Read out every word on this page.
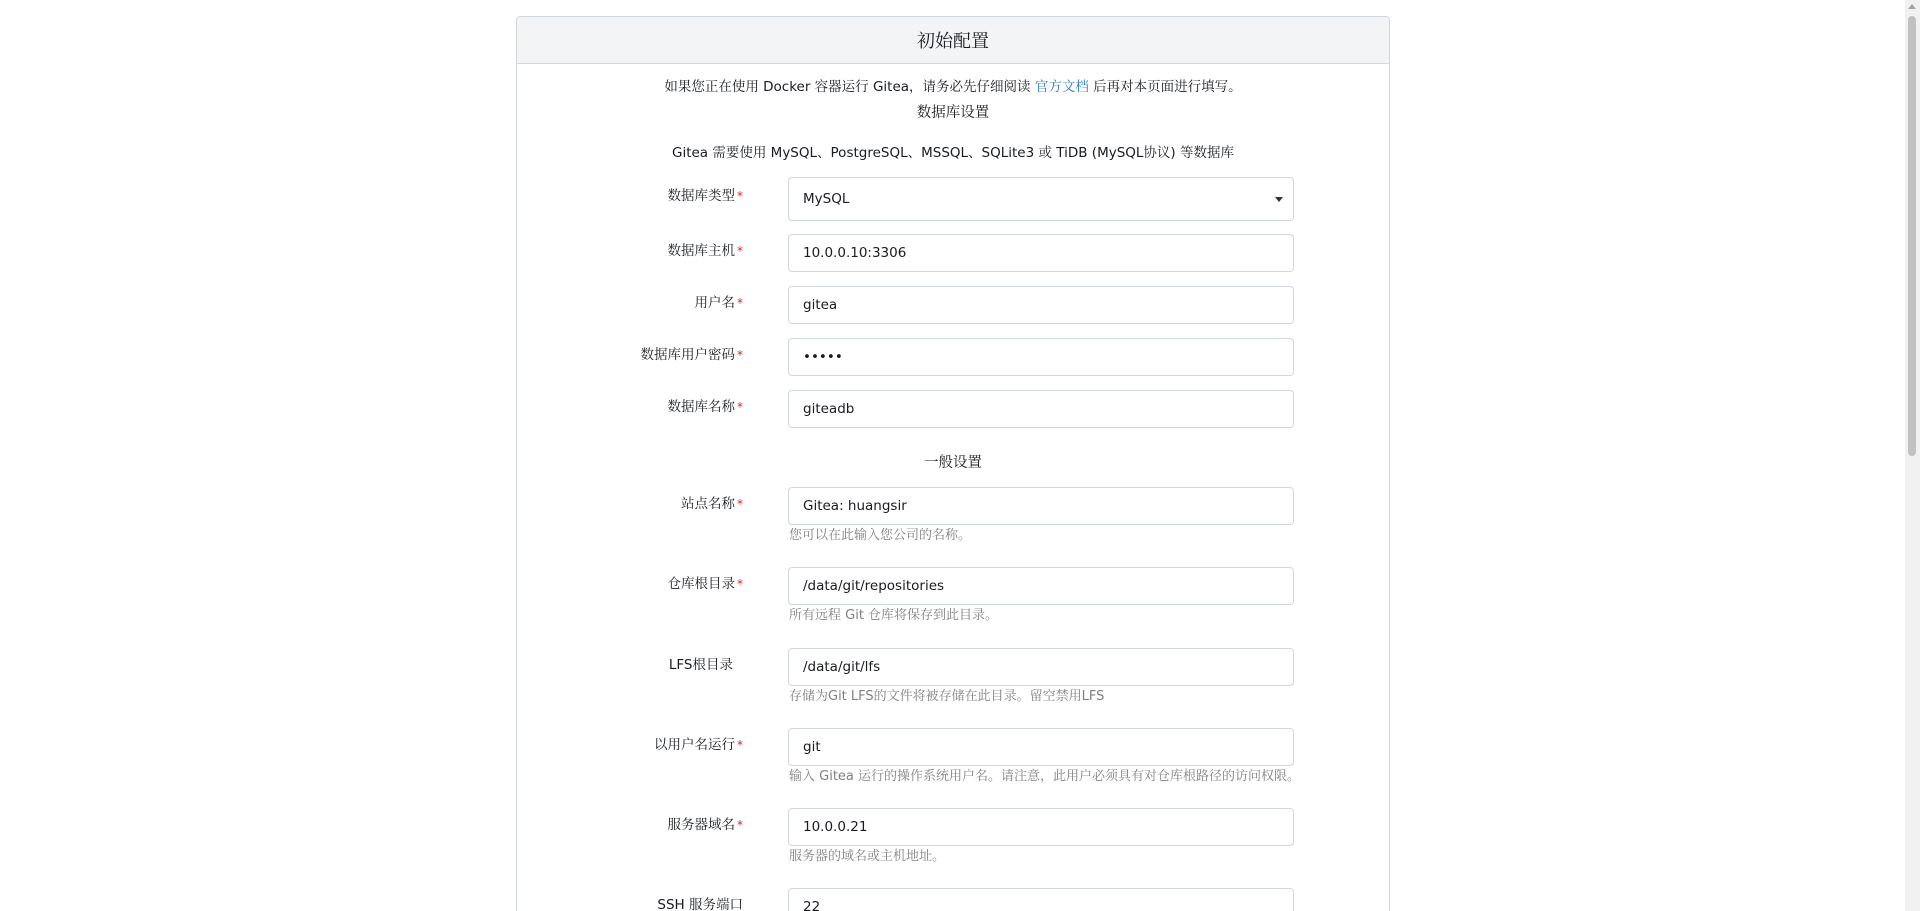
初始配置
如果您正在使用 Docker 容器运行 Gitea，请务必先仔细阅读 官方文档 后再对本页面进行填写。
数据库设置
Gitea 需要使用 MySQL、PostgreSQL、MSSQL、SQLite3 或 TiDB (MySQL协议) 等数据库
数据库类型 *	MySQL
数据库主机 *	10.0.0.10:3306
用户名 *	gitea
数据库用户密码 *	•••••
数据库名称 *	giteadb
一般设置
站点名称 *	Gitea: huangsir
您可以在此输入您公司的名称。
仓库根目录 *	/data/git/repositories
所有远程 Git 仓库将保存到此目录。
LFS根目录	/data/git/lfs
存储为Git LFS的文件将被存储在此目录。留空禁用LFS
以用户名运行 *	git
输入 Gitea 运行的操作系统用户名。请注意，此用户必须具有对仓库根路径的访问权限。
服务器域名 *	10.0.0.21
服务器的域名或主机地址。
SSH 服务端口	22
